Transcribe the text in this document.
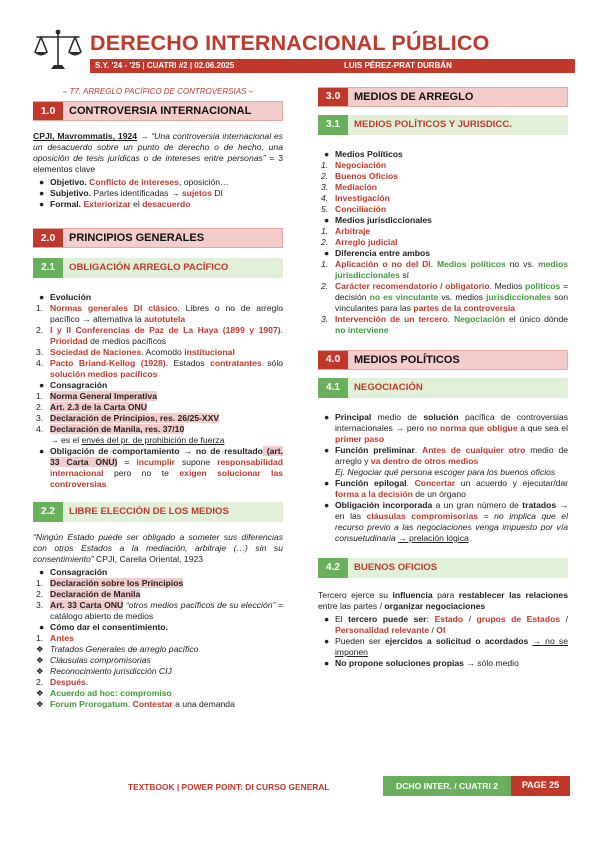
DERECHO INTERNACIONAL PÚBLICO
S.Y. '24 - '25 | CUATRI #2 | 02.06.2025	LUIS PÉREZ-PRAT DURBÁN
– T7. ARREGLO PACÍFICO DE CONTROVERSIAS –
1.0	CONTROVERSIA INTERNACIONAL
CPJI, Mavrommatis, 1924 → “Una controversia internacional es un desacuerdo sobre un punto de derecho o de hecho, una oposición de tesis jurídicas o de intereses entre personas” = 3 elementos clave
● Objetivo. Conflicto de intereses, oposición…
● Subjetivo. Partes identificadas → sujetos DI
● Formal. Exteriorizar el desacuerdo
2.0	PRINCIPIOS GENERALES
2.1	OBLIGACIÓN ARREGLO PACÍFICO
● Evolución
1. Normas generales DI clásico. Libres o no de arreglo pacífico → alternativa la autotutela
2. I y II Conferencias de Paz de La Haya (1899 y 1907). Prioridad de medios pacíficos
3. Sociedad de Naciones. Acomodo institucional
4. Pacto Briand-Kellog (1928). Estados contratantes sólo solución medios pacíficos
● Consagración
1. Norma General Imperativa
2. Art. 2.3 de la Carta ONU
3. Declaración de Principios, res. 26/25-XXV
4. Declaración de Manila, res. 37/10
→ es el envés del pr. de prohibición de fuerza
● Obligación de comportamiento → no de resultado (art. 33 Carta ONU) = incumplir supone responsabilidad internacional pero no te exigen solucionar las controversias
2.2	LIBRE ELECCIÓN DE LOS MEDIOS
“Ningún Estado puede ser obligado a someter sus diferencias con otros Estados a la mediación, arbitraje (…) sin su consentimiento” CPJI, Carelia Oriental, 1923
● Consagración
1. Declaración sobre los Principios
2. Declaración de Manila
3. Art. 33 Carta ONU “otros medios pacíficos de su elección” = catálogo abierto de medios
● Cómo dar el consentimiento.
1. Antes
❖ Tratados Generales de arreglo pacífico
❖ Cláusulas compromisorias
❖ Reconocimiento jurisdicción CIJ
2. Después.
❖ Acuerdo ad hoc: compromiso
❖ Forum Prorogatum. Contestar a una demanda
3.0	MEDIOS DE ARREGLO
3.1	MEDIOS POLÍTICOS Y JURISDICC.
● Medios Políticos
1. Negociación
2. Buenos Oficios
3. Mediación
4. Investigación
5. Conciliación
● Medios jurisdiccionales
1. Arbitraje
2. Arreglo judicial
● Diferencia entre ambos
1. Aplicación o no del DI. Medios políticos no vs. medios jurisdiccionales sí
2. Carácter recomendatorio / obligatorio. Medios políticos = decisión no es vinculante vs. medios jurisdiccionales son vinculantes para las partes de la controversia
3. Intervención de un tercero. Negociación el único dónde no interviene
4.0	MEDIOS POLÍTICOS
4.1	NEGOCIACIÓN
● Principal medio de solución pacífica de controversias internacionales → pero no norma que obligue a que sea el primer paso
● Función preliminar. Antes de cualquier otro medio de arreglo y va dentro de otros medios
Ej. Negociar qué persona escoger para los buenos oficios
● Función epilogal. Concertar un acuerdo y ejecutar/dar forma a la decisión de un órgano
● Obligación incorporada a un gran número de tratados → en las cláusulas compromisorias = no implica que el recurso previo a las negociaciones venga impuesto por vía consuetudinaria → prelación lógica
4.2	BUENOS OFICIOS
Tercero ejerce su influencia para restablecer las relaciones entre las partes / organizar negociaciones
● El tercero puede ser: Estado / grupos de Estados / Personalidad relevante / OI
● Pueden ser ejercidos a solicitud o acordados → no se imponen
● No propone soluciones propias → sólo medio
TEXTBOOK | POWER POINT: DI CURSO GENERAL	DCHO INTER. / CUATRI 2	PAGE 25
